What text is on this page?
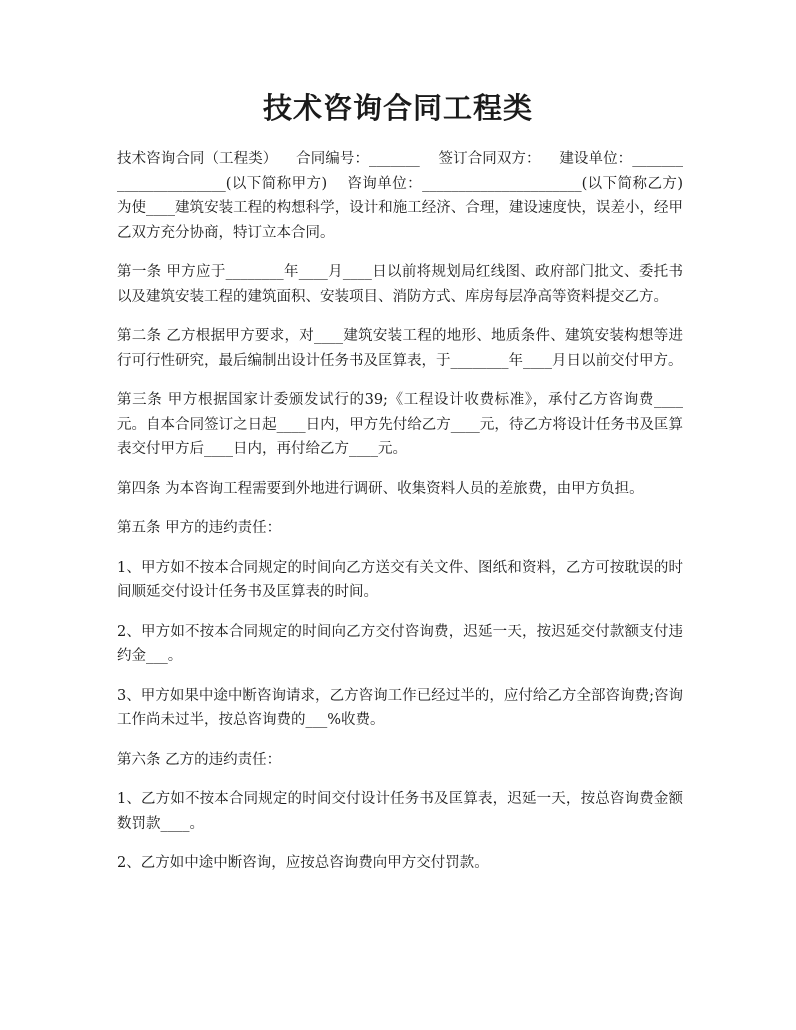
技术咨询合同工程类

技术咨询合同（工程类）    合同编号：_______    签订合同双方：    建设单位：______________________(以下简称甲方)    咨询单位：______________________(以下简称乙方)    为使____建筑安装工程的构想科学，设计和施工经济、合理，建设速度快，误差小，经甲乙双方充分协商，特订立本合同。

第一条 甲方应于________年____月____日以前将规划局红线图、政府部门批文、委托书以及建筑安装工程的建筑面积、安装项目、消防方式、库房每层净高等资料提交乙方。

第二条 乙方根据甲方要求，对____建筑安装工程的地形、地质条件、建筑安装构想等进行可行性研究，最后编制出设计任务书及匡算表，于________年____月日以前交付甲方。

第三条 甲方根据国家计委颁发试行的39;《工程设计收费标准》，承付乙方咨询费____元。自本合同签订之日起____日内，甲方先付给乙方____元，待乙方将设计任务书及匡算表交付甲方后____日内，再付给乙方____元。

第四条 为本咨询工程需要到外地进行调研、收集资料人员的差旅费，由甲方负担。

第五条 甲方的违约责任：

1、甲方如不按本合同规定的时间向乙方送交有关文件、图纸和资料，乙方可按耽误的时间顺延交付设计任务书及匡算表的时间。

2、甲方如不按本合同规定的时间向乙方交付咨询费，迟延一天，按迟延交付款额支付违约金___。

3、甲方如果中途中断咨询请求，乙方咨询工作已经过半的，应付给乙方全部咨询费;咨询工作尚未过半，按总咨询费的___%收费。

第六条 乙方的违约责任：

1、乙方如不按本合同规定的时间交付设计任务书及匡算表，迟延一天，按总咨询费金额数罚款____。

2、乙方如中途中断咨询，应按总咨询费向甲方交付罚款。
